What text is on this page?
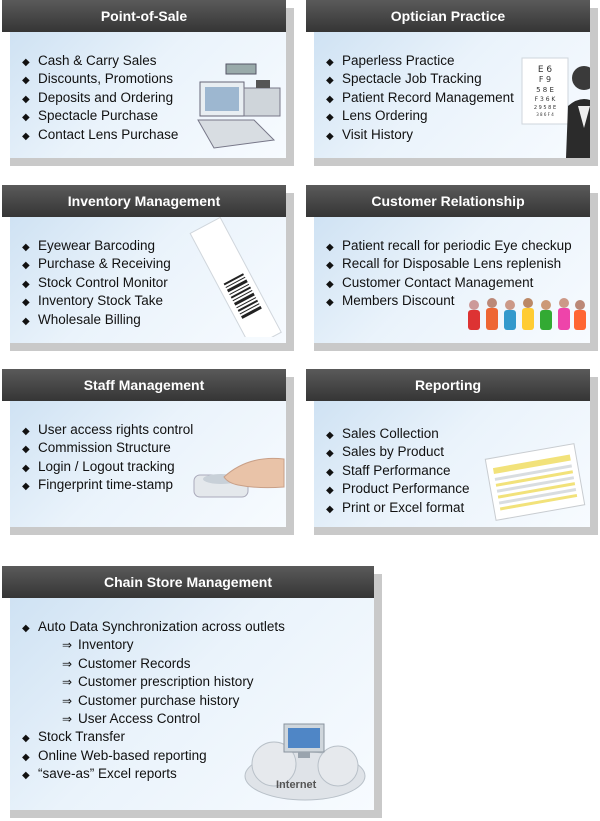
Point-of-Sale
◆ Cash & Carry Sales
◆ Discounts, Promotions
◆ Deposits and Ordering
◆ Spectacle Purchase
◆ Contact Lens Purchase
Optician Practice
E 6
F 9
5 8 E
F 3 6 K
2 9 5 8 E
3 8 6 F 4
◆ Paperless Practice
◆ Spectacle Job Tracking
◆ Patient Record Management
◆ Lens Ordering
◆ Visit History
Inventory Management
◆ Eyewear Barcoding
◆ Purchase & Receiving
◆ Stock Control Monitor
◆ Inventory Stock Take
◆ Wholesale Billing
Customer Relationship
◆ Patient recall for periodic Eye checkup
◆ Recall for Disposable Lens replenish
◆ Customer Contact Management
◆ Members Discount
Staff Management
◆ User access rights control
◆ Commission Structure
◆ Login / Logout tracking
◆ Fingerprint time-stamp
Reporting
◆ Sales Collection
◆ Sales by Product
◆ Staff Performance
◆ Product Performance
◆ Print or Excel format
Chain Store Management
Internet
◆ Auto Data Synchronization across outlets
⇒ Inventory
⇒ Customer Records
⇒ Customer prescription history
⇒ Customer purchase history
⇒ User Access Control
◆ Stock Transfer
◆ Online Web-based reporting
◆ “save-as” Excel reports
